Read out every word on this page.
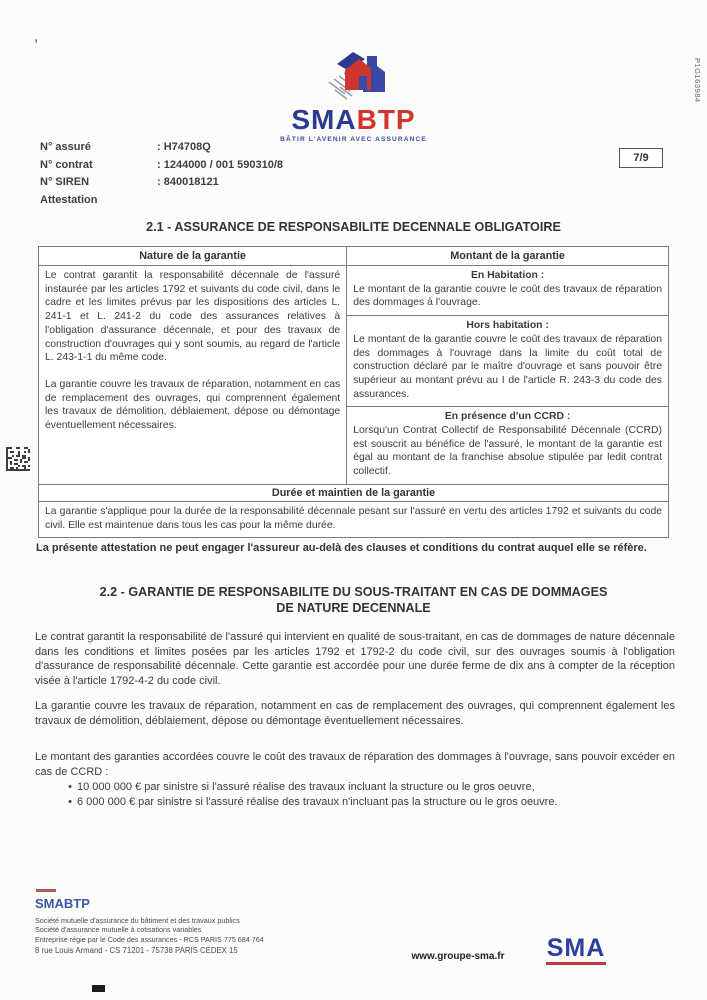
,
P1G163984
SMABTP
BÂTIR L'AVENIR AVEC ASSURANCE
N° assuré	: H74708Q
N° contrat	: 1244000 / 001 590310/8
N° SIREN	: 840018121
Attestation
7/9
2.1 - ASSURANCE DE RESPONSABILITE DECENNALE OBLIGATOIRE
Nature de la garantie	Montant de la garantie

Le contrat garantit la responsabilité décennale de l'assuré instaurée par les articles 1792 et suivants du code civil, dans le cadre et les limites prévus par les dispositions des articles L. 241-1 et L. 241-2 du code des assurances relatives à l'obligation d'assurance décennale, et pour des travaux de construction d'ouvrages qui y sont soumis, au regard de l'article L. 243-1-1 du même code.

La garantie couvre les travaux de réparation, notamment en cas de remplacement des ouvrages, qui comprennent également les travaux de démolition, déblaiement, dépose ou démontage éventuellement nécessaires.

En Habitation :
Le montant de la garantie couvre le coût des travaux de réparation des dommages à l'ouvrage.
Hors habitation :
Le montant de la garantie couvre le coût des travaux de réparation des dommages à l'ouvrage dans la limite du coût total de construction déclaré par le maître d'ouvrage et sans pouvoir être supérieur au montant prévu au I de l'article R. 243-3 du code des assurances.
En présence d'un CCRD :
Lorsqu'un Contrat Collectif de Responsabilité Décennale (CCRD) est souscrit au bénéfice de l'assuré, le montant de la garantie est égal au montant de la franchise absolue stipulée par ledit contrat collectif.
Durée et maintien de la garantie
La garantie s'applique pour la durée de la responsabilité décennale pesant sur l'assuré en vertu des articles 1792 et suivants du code civil. Elle est maintenue dans tous les cas pour la même durée.
La présente attestation ne peut engager l'assureur au-delà des clauses et conditions du contrat auquel elle se réfère.
2.2 - GARANTIE DE RESPONSABILITE DU SOUS-TRAITANT EN CAS DE DOMMAGES
DE NATURE DECENNALE
Le contrat garantit la responsabilité de l'assuré qui intervient en qualité de sous-traitant, en cas de dommages de nature décennale dans les conditions et limites posées par les articles 1792 et 1792-2 du code civil, sur des ouvrages soumis à l'obligation d'assurance de responsabilité décennale. Cette garantie est accordée pour une durée ferme de dix ans à compter de la réception visée à l'article 1792-4-2 du code civil.
La garantie couvre les travaux de réparation, notamment en cas de remplacement des ouvrages, qui comprennent également les travaux de démolition, déblaiement, dépose ou démontage éventuellement nécessaires.
Le montant des garanties accordées couvre le coût des travaux de réparation des dommages à l'ouvrage, sans pouvoir excéder en cas de CCRD :
• 10 000 000 € par sinistre si l'assuré réalise des travaux incluant la structure ou le gros oeuvre,
• 6 000 000 € par sinistre si l'assuré réalise des travaux n'incluant pas la structure ou le gros oeuvre.
SMABTP
Société mutuelle d'assurance du bâtiment et des travaux publics
Société d'assurance mutuelle à cotisations variables
Entreprise régie par le Code des assurances - RCS PARIS 775 684 764
8 rue Louis Armand - CS 71201 - 75738 PARIS CEDEX 15
www.groupe-sma.fr	SMA
